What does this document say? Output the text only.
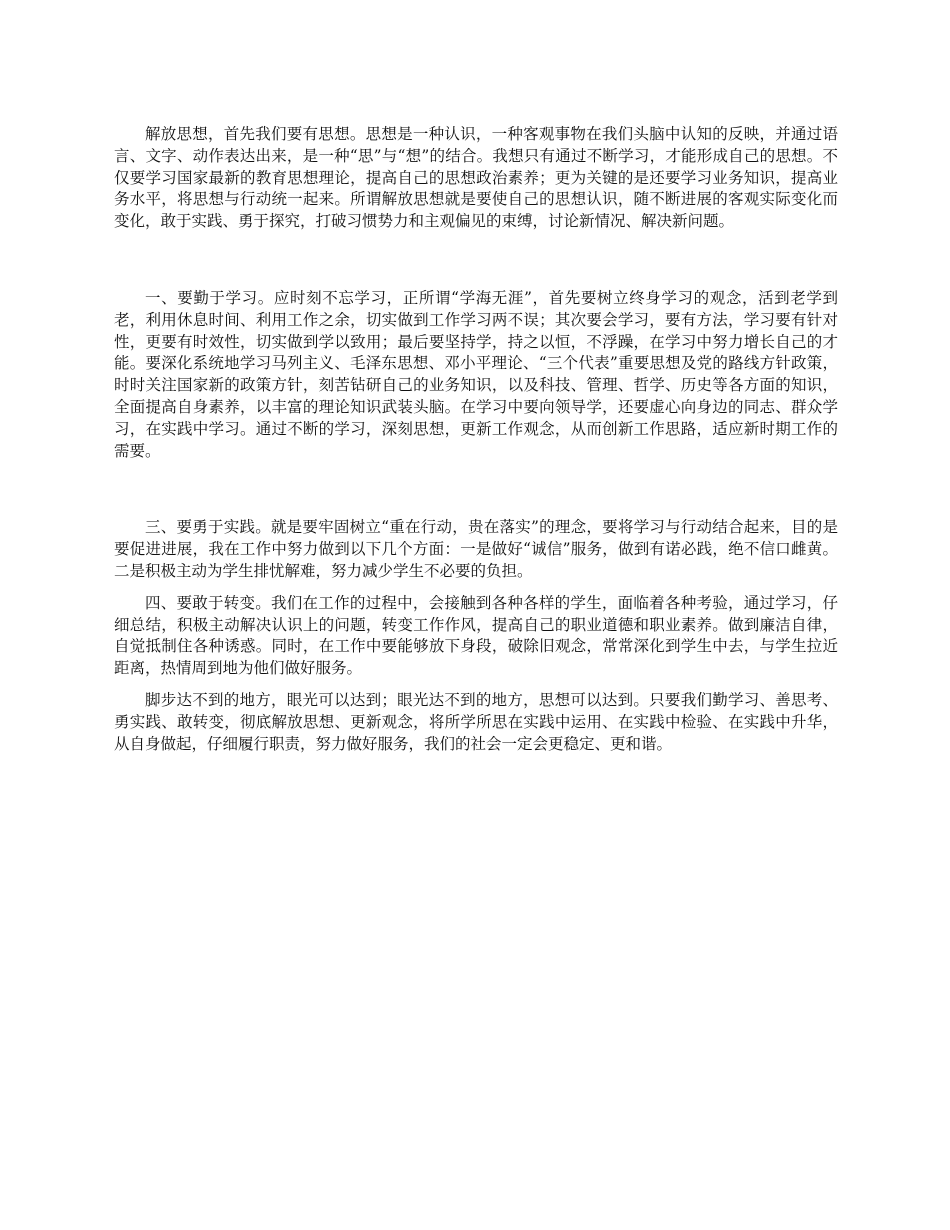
解放思想，首先我们要有思想。思想是一种认识，一种客观事物在我们头脑中认知的反映，并通过语言、文字、动作表达出来，是一种“思”与“想”的结合。我想只有通过不断学习，才能形成自己的思想。不仅要学习国家最新的教育思想理论，提高自己的思想政治素养；更为关键的是还要学习业务知识，提高业务水平，将思想与行动统一起来。所谓解放思想就是要使自己的思想认识，随不断进展的客观实际变化而变化，敢于实践、勇于探究，打破习惯势力和主观偏见的束缚，讨论新情况、解决新问题。

一、要勤于学习。应时刻不忘学习，正所谓“学海无涯”，首先要树立终身学习的观念，活到老学到老，利用休息时间、利用工作之余，切实做到工作学习两不误；其次要会学习，要有方法，学习要有针对性，更要有时效性，切实做到学以致用；最后要坚持学，持之以恒，不浮躁，在学习中努力增长自己的才能。要深化系统地学习马列主义、毛泽东思想、邓小平理论、“三个代表”重要思想及党的路线方针政策，时时关注国家新的政策方针，刻苦钻研自己的业务知识，以及科技、管理、哲学、历史等各方面的知识，全面提高自身素养，以丰富的理论知识武装头脑。在学习中要向领导学，还要虚心向身边的同志、群众学习，在实践中学习。通过不断的学习，深刻思想，更新工作观念，从而创新工作思路，适应新时期工作的需要。

三、要勇于实践。就是要牢固树立“重在行动，贵在落实”的理念，要将学习与行动结合起来，目的是要促进进展，我在工作中努力做到以下几个方面：一是做好“诚信”服务，做到有诺必践，绝不信口雌黄。二是积极主动为学生排忧解难，努力减少学生不必要的负担。

四、要敢于转变。我们在工作的过程中，会接触到各种各样的学生，面临着各种考验，通过学习，仔细总结，积极主动解决认识上的问题，转变工作作风，提高自己的职业道德和职业素养。做到廉洁自律，自觉抵制住各种诱惑。同时，在工作中要能够放下身段，破除旧观念，常常深化到学生中去，与学生拉近距离，热情周到地为他们做好服务。

脚步达不到的地方，眼光可以达到；眼光达不到的地方，思想可以达到。只要我们勤学习、善思考、勇实践、敢转变，彻底解放思想、更新观念，将所学所思在实践中运用、在实践中检验、在实践中升华，从自身做起，仔细履行职责，努力做好服务，我们的社会一定会更稳定、更和谐。
